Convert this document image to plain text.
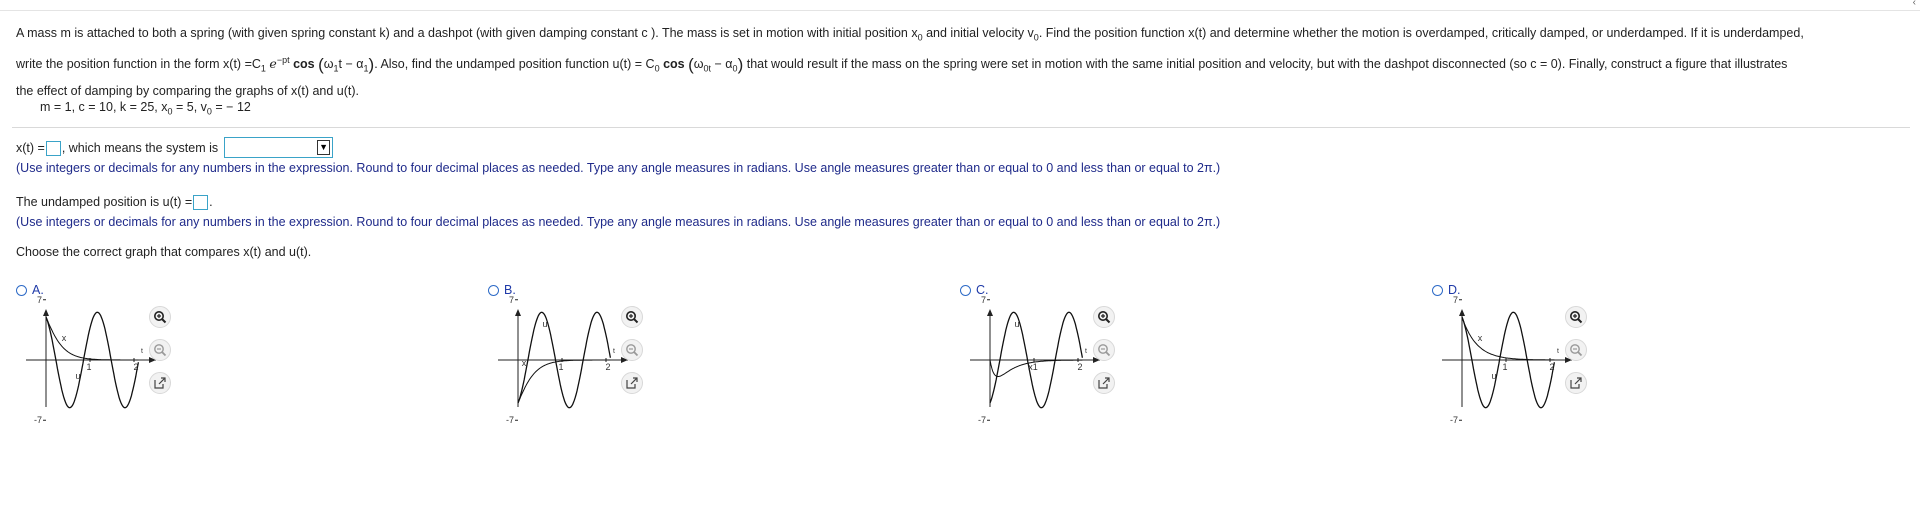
‹

A mass m is attached to both a spring (with given spring constant k) and a dashpot (with given damping constant c ). The mass is set in motion with initial position $x_0$ and initial velocity $v_0$. Find the position function x(t) and determine whether the motion is overdamped, critically damped, or underdamped. If it is underdamped,

write the position function in the form $x(t) =C_1$ $e^{-pt}$ $\cos (\omega_1t - \alpha_1)$. Also, find the undamped position function $u(t) = C_0$ $\cos (\omega_{0t} - \alpha_0)$ that would result if the mass on the spring were set in motion with the same initial position and velocity, but with the dashpot disconnected (so c = 0). Finally, construct a figure that illustrates

the effect of damping by comparing the graphs of x(t) and u(t).

m = 1, c = 10, k = 25, $x_0 = 5$, $v_0$ = − 12
x(t) = , which means the system is	▼
(Use integers or decimals for any numbers in the expression. Round to four decimal places as needed. Type any angle measures in radians. Use angle measures greater than or equal to 0 and less than or equal to 2π.)
The undamped position is u(t) = .
(Use integers or decimals for any numbers in the expression. Round to four decimal places as needed. Type any angle measures in radians. Use angle measures greater than or equal to 0 and less than or equal to 2π.)
Choose the correct graph that compares x(t) and u(t).
A.
7
-7
1	2
t
x
u
B.
7
-7
1	2
t
u
x
C.
7
-7
x1	2
t
u
D.
7
-7
1	2
t
x
u
